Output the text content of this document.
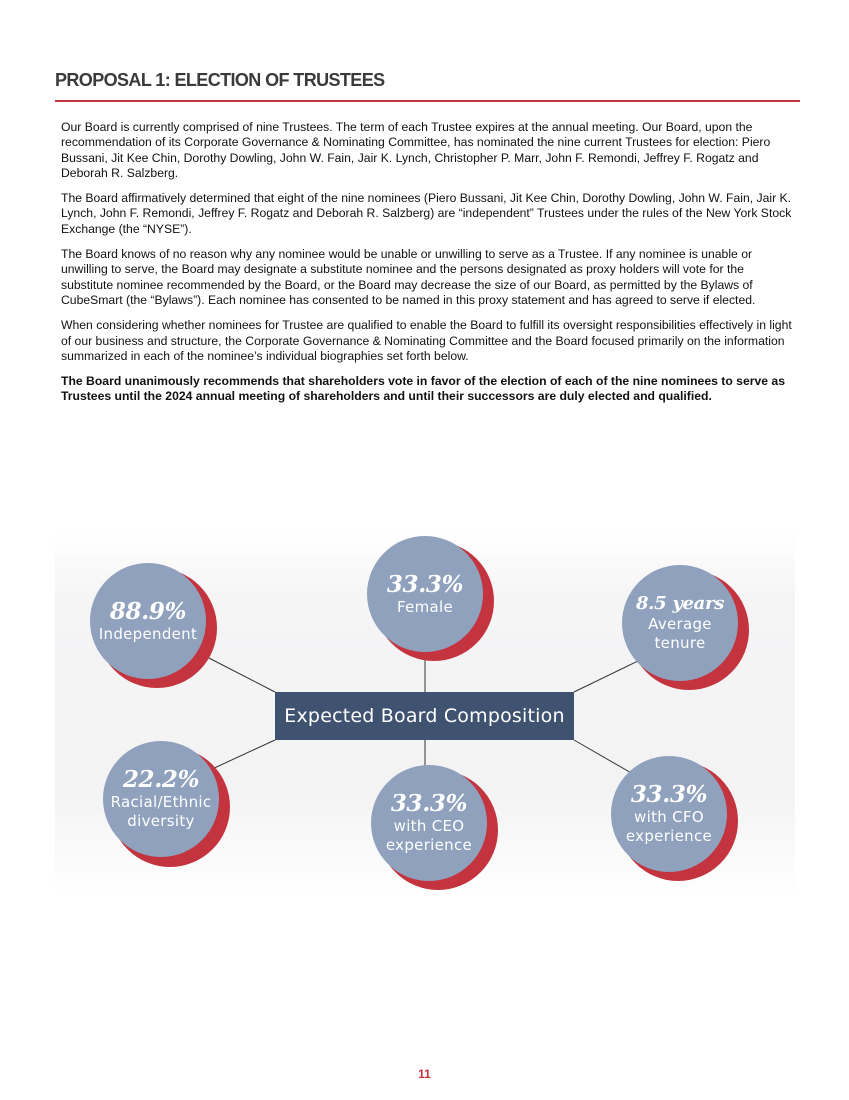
PROPOSAL 1: ELECTION OF TRUSTEES

Our Board is currently comprised of nine Trustees. The term of each Trustee expires at the annual meeting. Our Board, upon the recommendation of its Corporate Governance & Nominating Committee, has nominated the nine current Trustees for election: Piero Bussani, Jit Kee Chin, Dorothy Dowling, John W. Fain, Jair K. Lynch, Christopher P. Marr, John F. Remondi, Jeffrey F. Rogatz and Deborah R. Salzberg.

The Board affirmatively determined that eight of the nine nominees (Piero Bussani, Jit Kee Chin, Dorothy Dowling, John W. Fain, Jair K. Lynch, John F. Remondi, Jeffrey F. Rogatz and Deborah R. Salzberg) are “independent” Trustees under the rules of the New York Stock Exchange (the “NYSE”).

The Board knows of no reason why any nominee would be unable or unwilling to serve as a Trustee. If any nominee is unable or unwilling to serve, the Board may designate a substitute nominee and the persons designated as proxy holders will vote for the substitute nominee recommended by the Board, or the Board may decrease the size of our Board, as permitted by the Bylaws of CubeSmart (the “Bylaws”). Each nominee has consented to be named in this proxy statement and has agreed to serve if elected.

When considering whether nominees for Trustee are qualified to enable the Board to fulfill its oversight responsibilities effectively in light of our business and structure, the Corporate Governance & Nominating Committee and the Board focused primarily on the information summarized in each of the nominee’s individual biographies set forth below.

The Board unanimously recommends that shareholders vote in favor of the election of each of the nine nominees to serve as Trustees until the 2024 annual meeting of shareholders and until their successors are duly elected and qualified.

88.9%
Independent
33.3%
Female	8.5 years
Average
tenure
Expected Board Composition
22.2%
Racial/Ethnic
diversity
33.3%
with CEO
experience
33.3%
with CFO
experience
11
